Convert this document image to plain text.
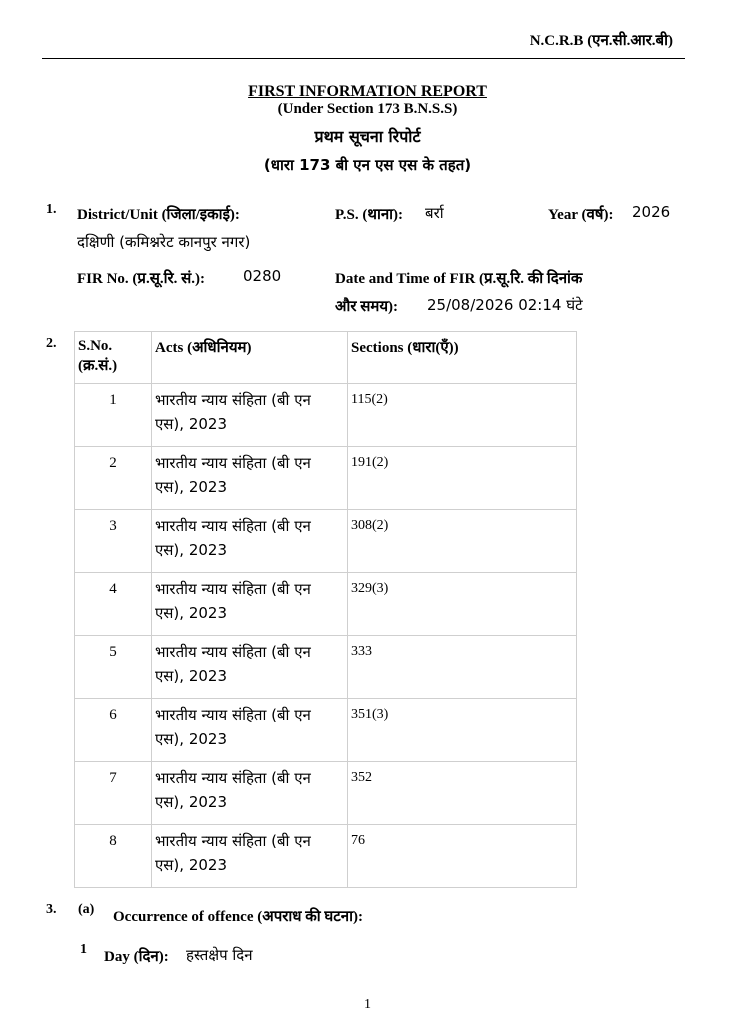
N.C.R.B (एन.सी.आर.बी)
FIRST INFORMATION REPORT
(Under Section 173 B.N.S.S)
प्रथम सूचना रिपोर्ट
(धारा 173 बी एन एस एस के तहत)
1. District/Unit (जिला/इकाई):
दक्षिणी (कमिश्नरेट कानपुर नगर)
P.S. (थाना): बर्रा	Year (वर्ष): 2026
FIR No. (प्र.सू.रि. सं.):	0280	Date and Time of FIR (प्र.सू.रि. की दिनांक
और समय): 25/08/2026 02:14 घंटे
2. S.No.
(क्र.सं.)	Acts (अधिनियम)	Sections (धारा(एँ))
1	भारतीय न्याय संहिता (बी एन एस), 2023	115(2)
2	भारतीय न्याय संहिता (बी एन एस), 2023	191(2)
3	भारतीय न्याय संहिता (बी एन एस), 2023	308(2)
4	भारतीय न्याय संहिता (बी एन एस), 2023	329(3)
5	भारतीय न्याय संहिता (बी एन एस), 2023	333
6	भारतीय न्याय संहिता (बी एन एस), 2023	351(3)
7	भारतीय न्याय संहिता (बी एन एस), 2023	352
8	भारतीय न्याय संहिता (बी एन एस), 2023	76
3. (a) Occurrence of offence (अपराध की घटना):
1 Day (दिन): हस्तक्षेप दिन
1
